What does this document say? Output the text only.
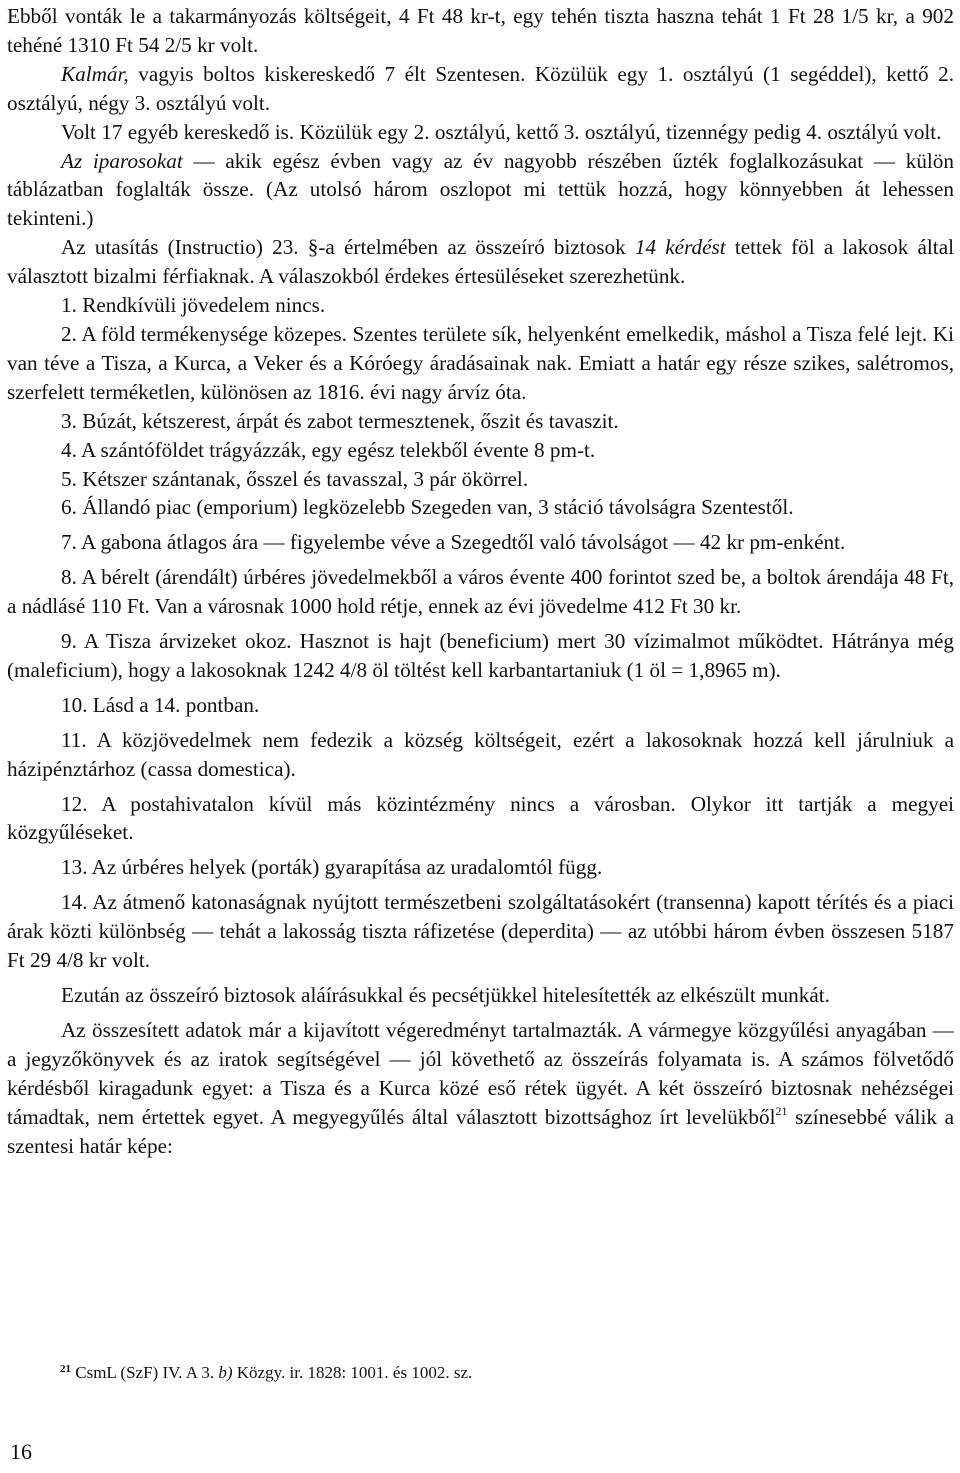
Ebből vonták le a takarmányozás költségeit, 4 Ft 48 kr-t, egy tehén tiszta haszna tehát 1 Ft 28 1/5 kr, a 902 tehéné 1310 Ft 54 2/5 kr volt.

Kalmár, vagyis boltos kiskereskedő 7 élt Szentesen. Közülük egy 1. osztályú (1 segéddel), kettő 2. osztályú, négy 3. osztályú volt.

Volt 17 egyéb kereskedő is. Közülük egy 2. osztályú, kettő 3. osztályú, tizennégy pedig 4. osztályú volt.

Az iparosokat — akik egész évben vagy az év nagyobb részében űzték foglalkozásukat — külön táblázatban foglalták össze. (Az utolsó három oszlopot mi tettük hozzá, hogy könnyebben át lehessen tekinteni.)

Az utasítás (Instructio) 23. §-a értelmében az összeíró biztosok 14 kérdést tettek föl a lakosok által választott bizalmi férfiaknak. A válaszokból érdekes értesüléseket szerezhetünk.

1. Rendkívüli jövedelem nincs.

2. A föld termékenysége közepes. Szentes területe sík, helyenként emelkedik, máshol a Tisza felé lejt. Ki van téve a Tisza, a Kurca, a Veker és a Kóróegy áradásainak nak. Emiatt a határ egy része szikes, salétromos, szerfelett terméketlen, különösen az 1816. évi nagy árvíz óta.

3. Búzát, kétszerest, árpát és zabot termesztenek, őszit és tavaszit.

4. A szántóföldet trágyázzák, egy egész telekből évente 8 pm-t.

5. Kétszer szántanak, ősszel és tavasszal, 3 pár ökörrel.

6. Állandó piac (emporium) legközelebb Szegeden van, 3 stáció távolságra Szentestől.

7. A gabona átlagos ára — figyelembe véve a Szegedtől való távolságot — 42 kr pm-enként.

8. A bérelt (árendált) úrbéres jövedelmekből a város évente 400 forintot szed be, a boltok árendája 48 Ft, a nádlásé 110 Ft. Van a városnak 1000 hold rétje, ennek az évi jövedelme 412 Ft 30 kr.

9. A Tisza árvizeket okoz. Hasznot is hajt (beneficium) mert 30 vízimalmot működtet. Hátránya még (maleficium), hogy a lakosoknak 1242 4/8 öl töltést kell karbantartaniuk (1 öl = 1,8965 m).

10. Lásd a 14. pontban.

11. A közjövedelmek nem fedezik a község költségeit, ezért a lakosoknak hozzá kell járulniuk a házipénztárhoz (cassa domestica).

12. A postahivatalon kívül más közintézmény nincs a városban. Olykor itt tartják a megyei közgyűléseket.

13. Az úrbéres helyek (porták) gyarapítása az uradalomtól függ.

14. Az átmenő katonaságnak nyújtott természetbeni szolgáltatásokért (transenna) kapott térítés és a piaci árak közti különbség — tehát a lakosság tiszta ráfizetése (deperdita) — az utóbbi három évben összesen 5187 Ft 29 4/8 kr volt.

Ezután az összeíró biztosok aláírásukkal és pecsétjükkel hitelesítették az elkészült munkát.

Az összesített adatok már a kijavított végeredményt tartalmazták. A vármegye közgyűlési anyagában — a jegyzőkönyvek és az iratok segítségével — jól követhető az összeírás folyamata is. A számos fölvetődő kérdésből kiragadunk egyet: a Tisza és a Kurca közé eső rétek ügyét. A két összeíró biztosnak nehézségei támadtak, nem értettek egyet. A megyegyűlés által választott bizottsághoz írt levelükből$^{21}$ színesebbé válik a szentesi határ képe:

$^{21}$ CsmL (SzF) IV. A 3. b) Közgy. ir. 1828: 1001. és 1002. sz.
16
